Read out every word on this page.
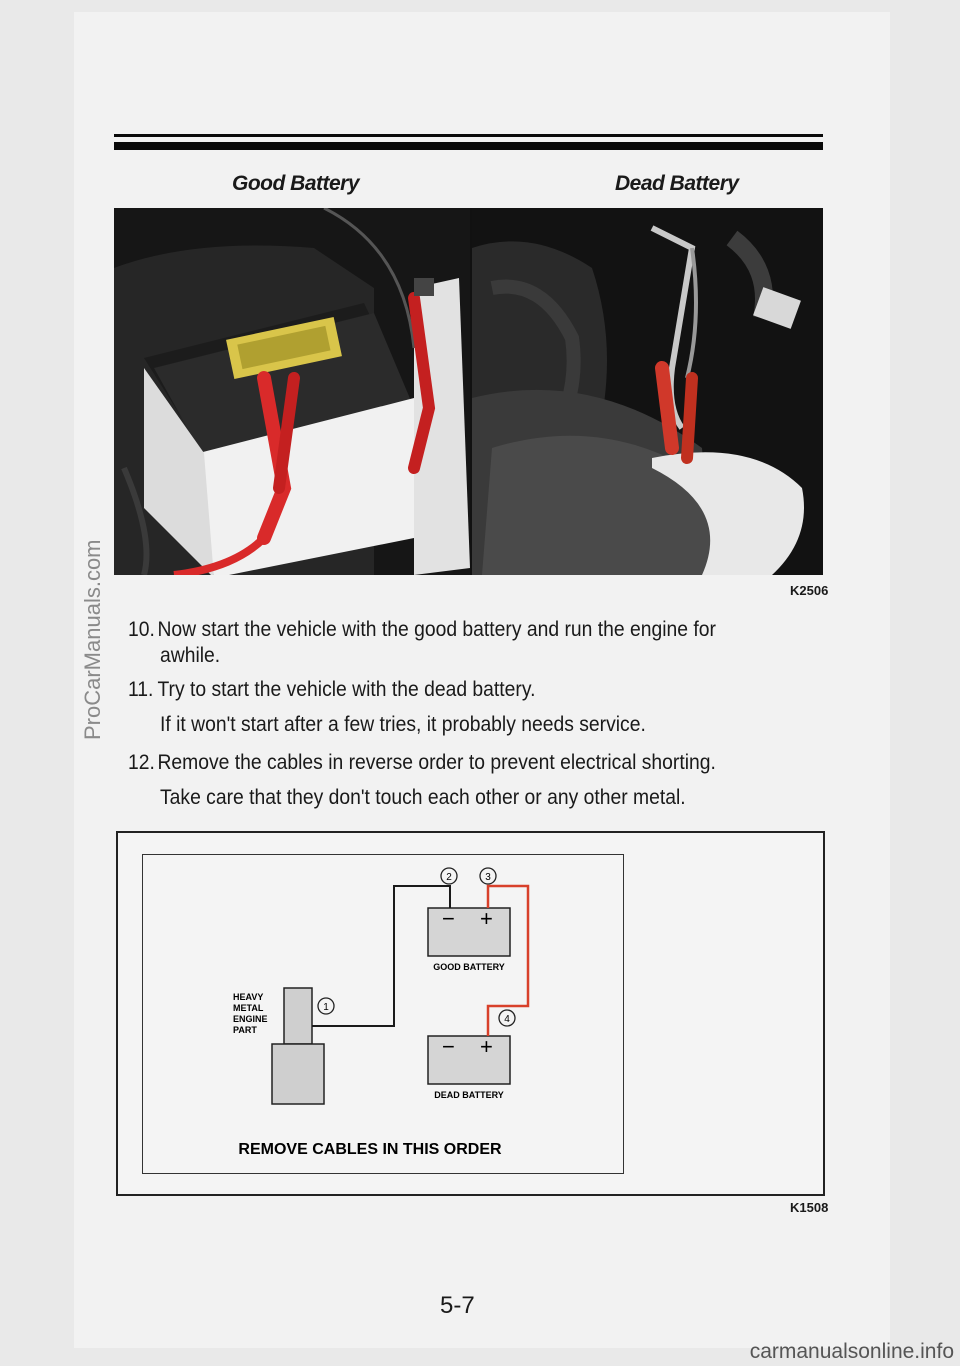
Good Battery	Dead Battery
K2506
10. Now start the vehicle with the good battery and run the engine for
awhile.
11. Try to start the vehicle with the dead battery.
If it won't start after a few tries, it probably needs service.
12. Remove the cables in reverse order to prevent electrical shorting.
Take care that they don't touch each other or any other metal.
− +
− +
2	3
1
4
GOOD BATTERY
DEAD BATTERY
HEAVY
METAL
ENGINE
PART
REMOVE CABLES IN THIS ORDER
K1508
5-7
ProCarManuals.com
carmanualsonline.info
